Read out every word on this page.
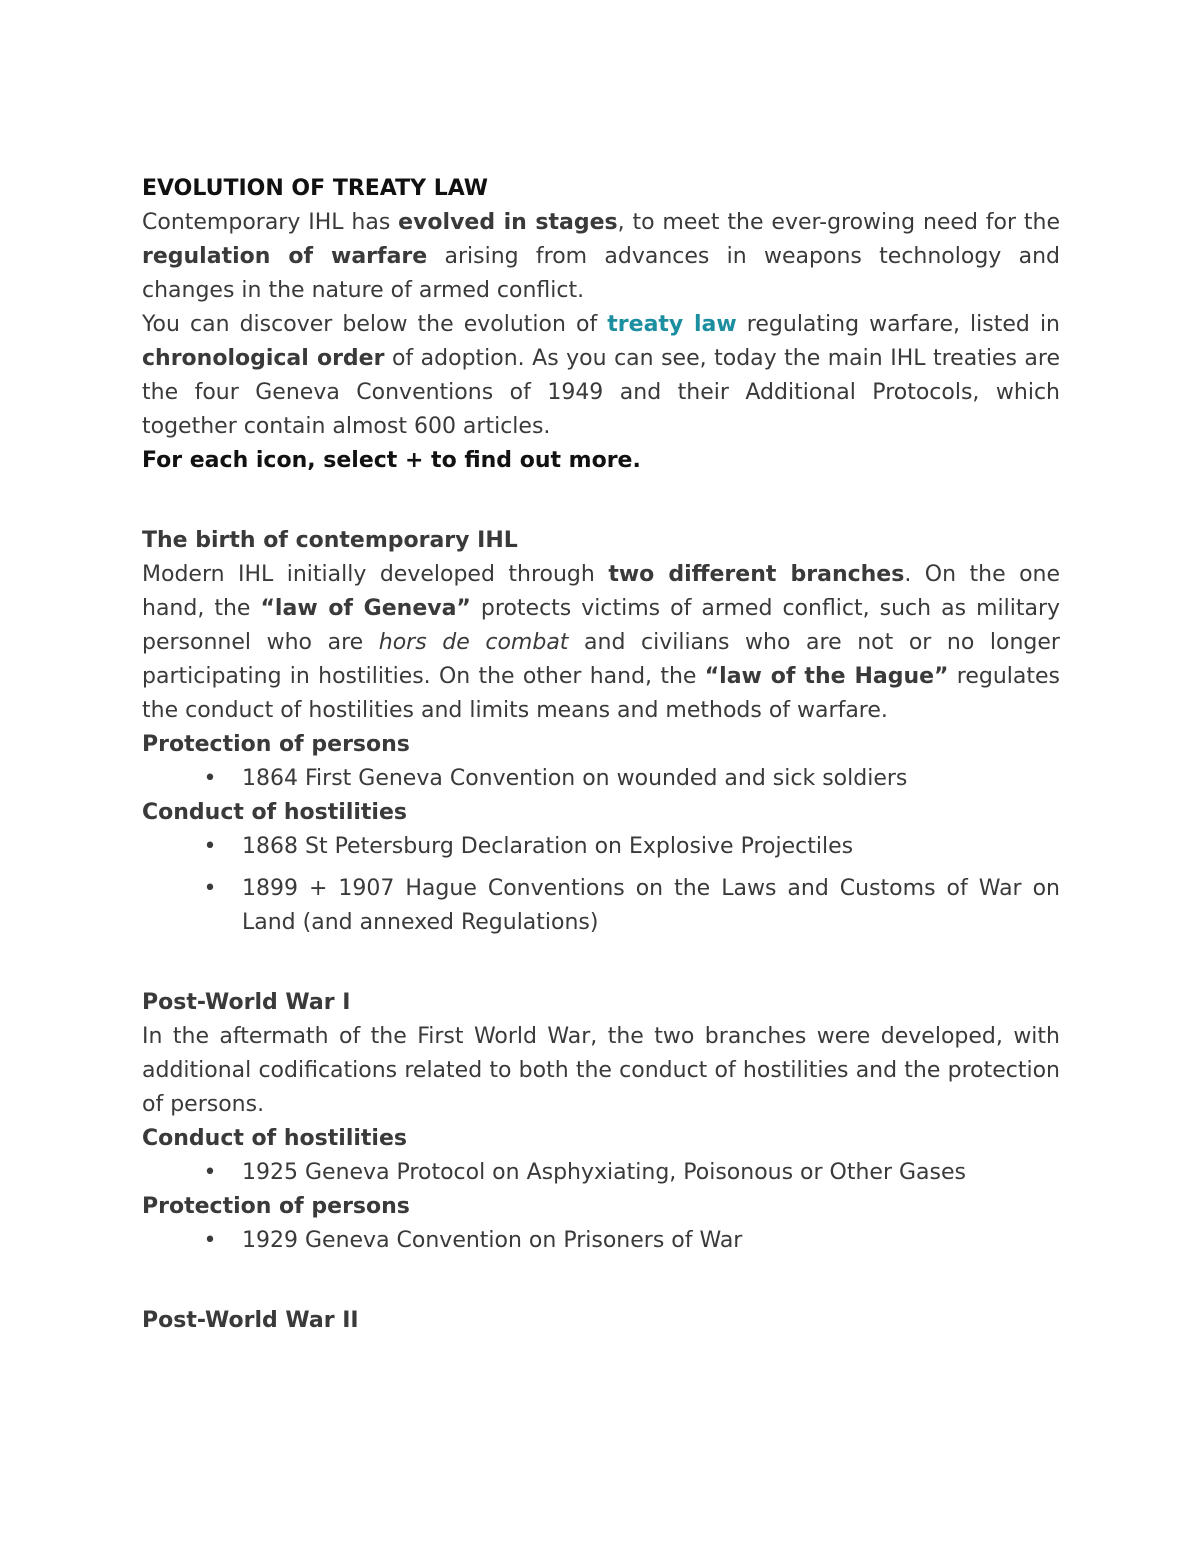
EVOLUTION OF TREATY LAW

Contemporary IHL has evolved in stages, to meet the ever-growing need for the regulation of warfare arising from advances in weapons technology and changes in the nature of armed conflict.

You can discover below the evolution of treaty law regulating warfare, listed in chronological order of adoption. As you can see, today the main IHL treaties are the four Geneva Conventions of 1949 and their Additional Protocols, which together contain almost 600 articles.

For each icon, select + to find out more.

The birth of contemporary IHL

Modern IHL initially developed through two different branches. On the one hand, the “law of Geneva” protects victims of armed conflict, such as military personnel who are hors de combat and civilians who are not or no longer participating in hostilities. On the other hand, the “law of the Hague” regulates the conduct of hostilities and limits means and methods of warfare.

Protection of persons

• 1864 First Geneva Convention on wounded and sick soldiers

Conduct of hostilities

• 1868 St Petersburg Declaration on Explosive Projectiles
• 1899 + 1907 Hague Conventions on the Laws and Customs of War on Land (and annexed Regulations)

Post-World War I

In the aftermath of the First World War, the two branches were developed, with additional codifications related to both the conduct of hostilities and the protection of persons.

Conduct of hostilities

• 1925 Geneva Protocol on Asphyxiating, Poisonous or Other Gases

Protection of persons

• 1929 Geneva Convention on Prisoners of War

Post-World War II
